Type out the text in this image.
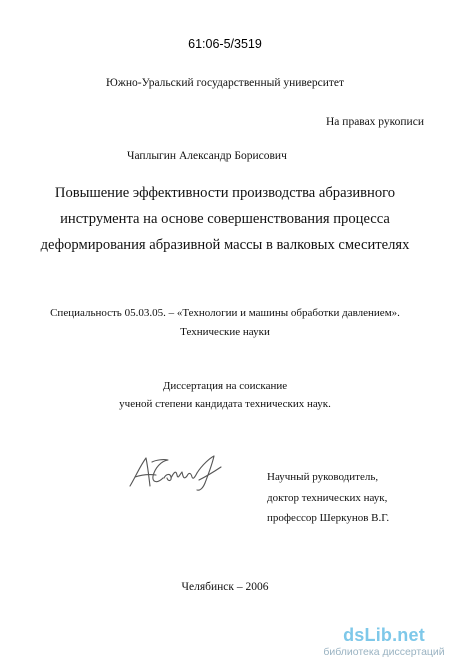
61:06-5/3519
Южно-Уральский государственный университет
На правах рукописи
Чаплыгин Александр Борисович
Повышение эффективности производства абразивного
инструмента на основе совершенствования процесса
деформирования абразивной массы в валковых смесителях
Специальность 05.03.05. – «Технологии и машины обработки давлением».
Технические науки
Диссертация на соискание
ученой степени кандидата технических наук.
Научный руководитель,
доктор технических наук,
профессор Шеркунов В.Г.
Челябинск – 2006
dsLib.net
библиотека диссертаций
